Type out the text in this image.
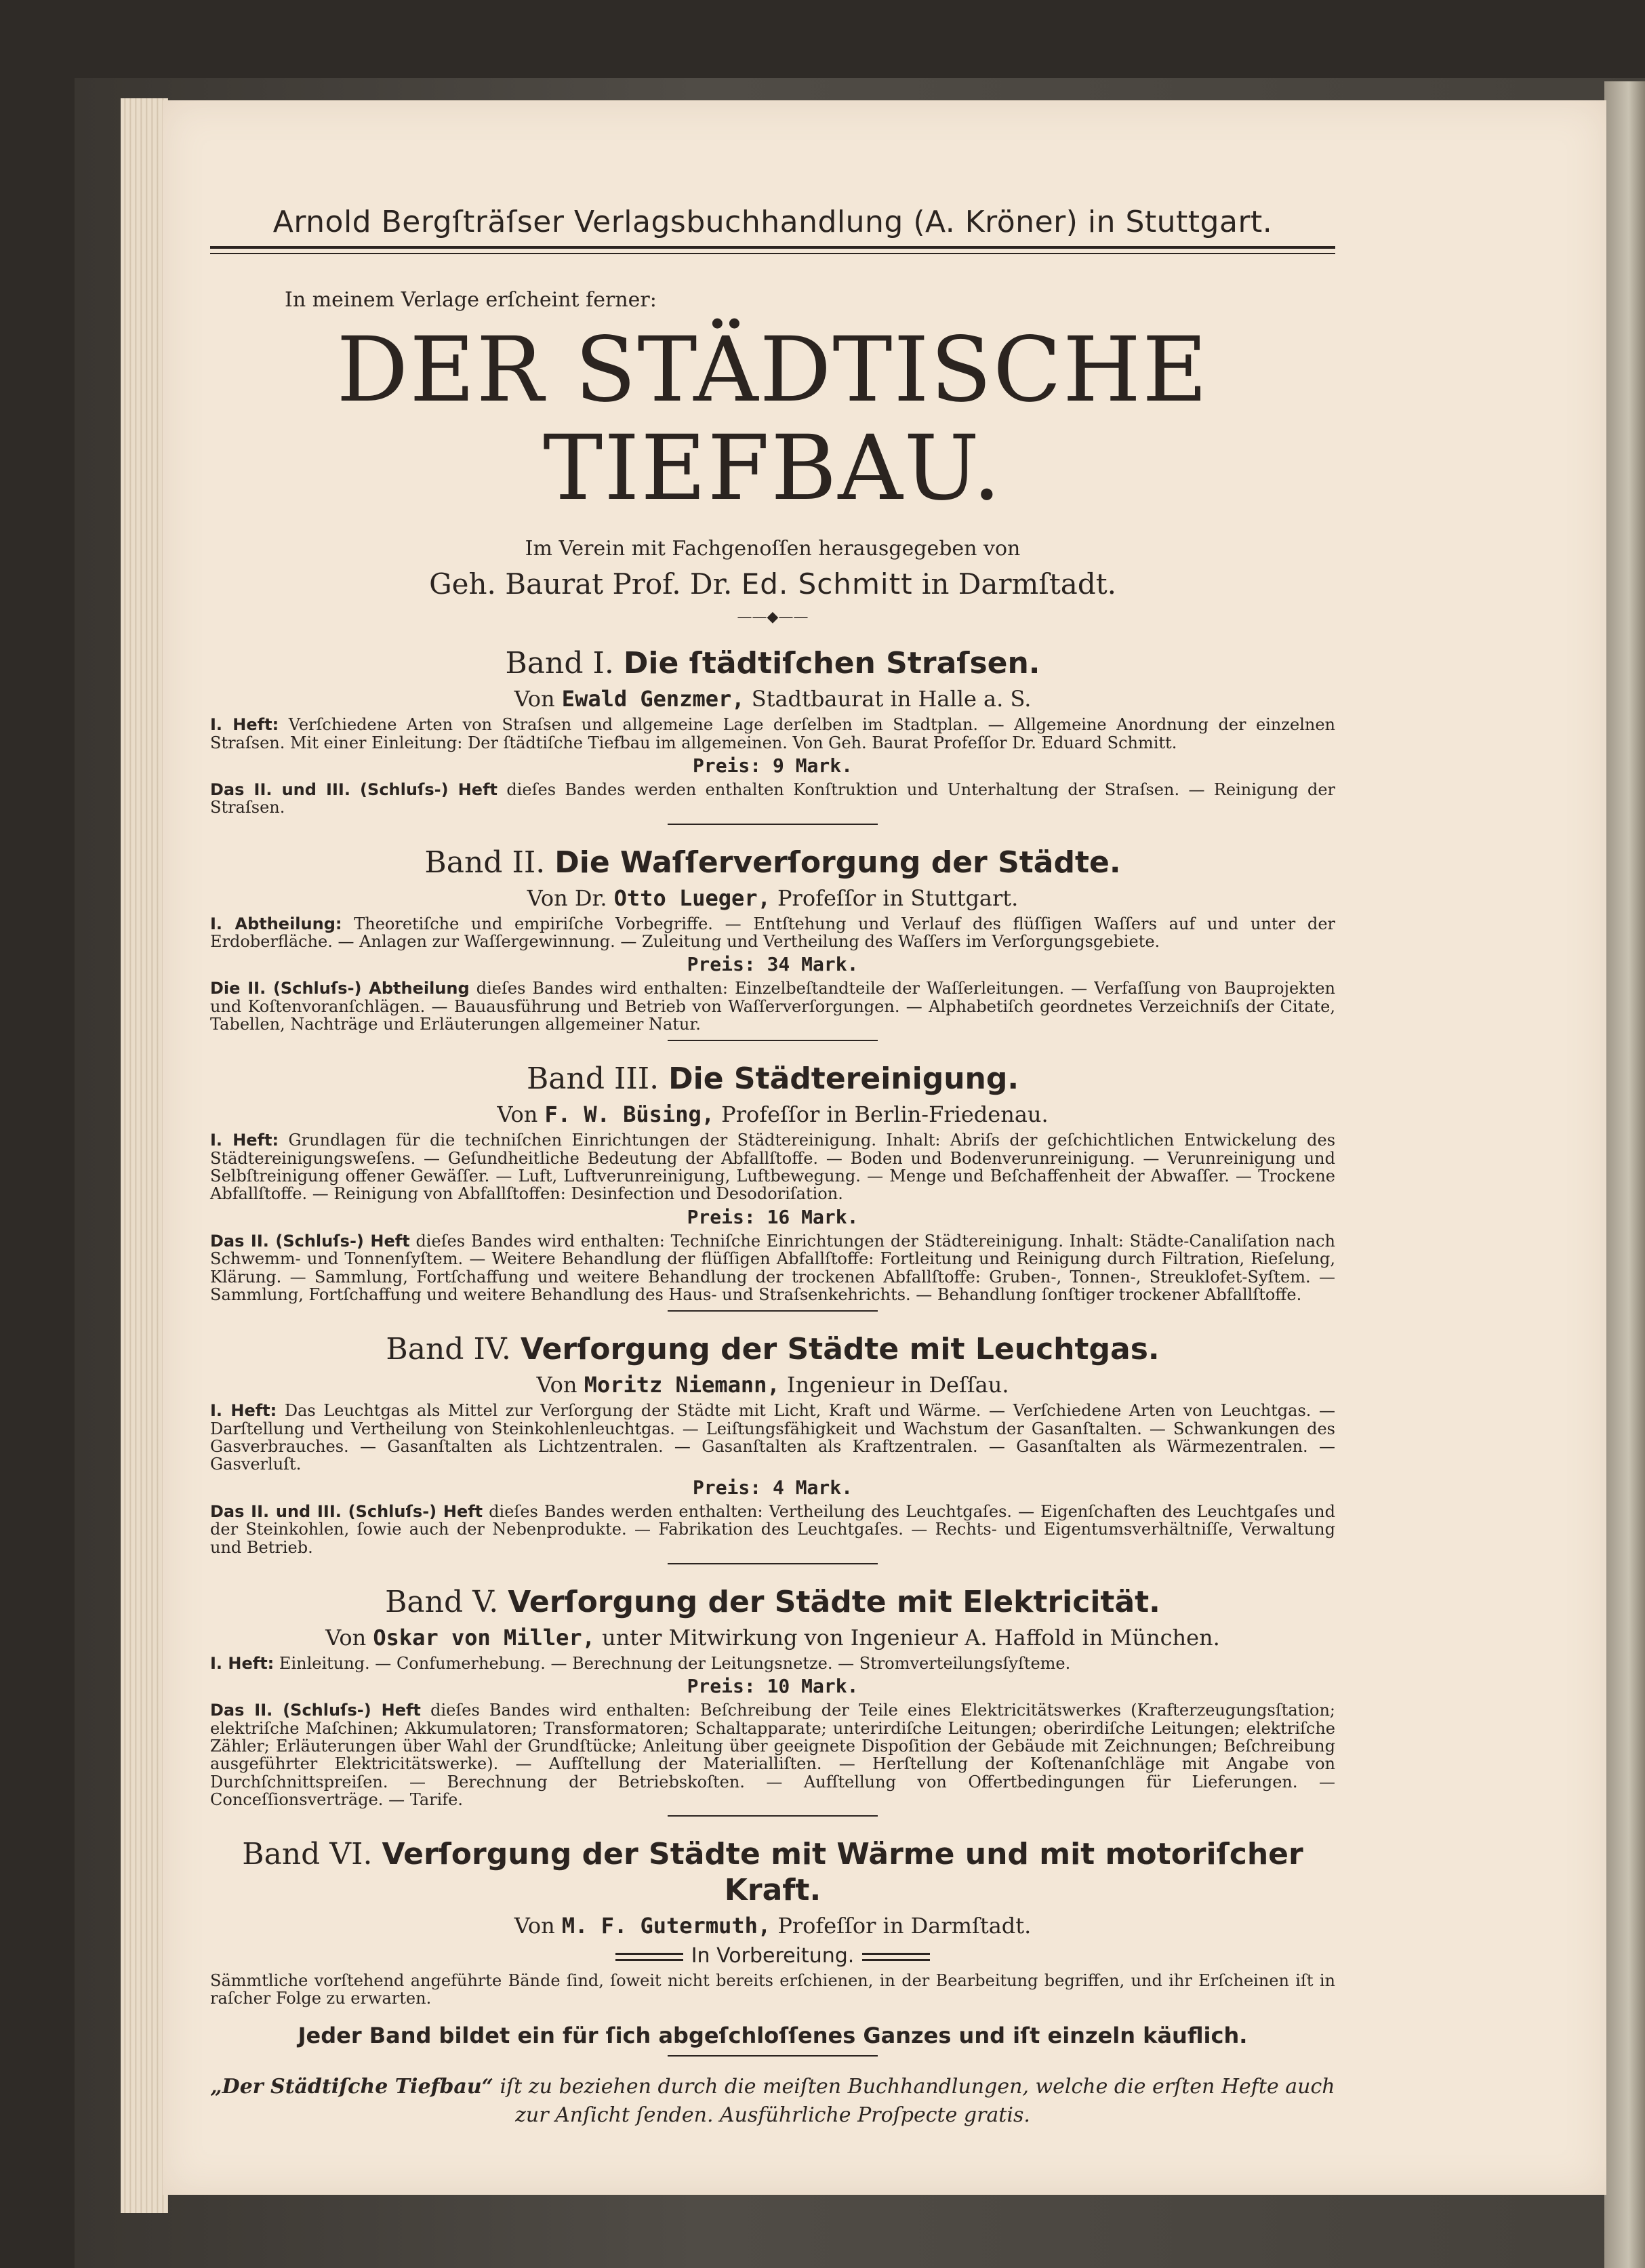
Arnold Bergſträſser Verlagsbuchhandlung (A. Kröner) in Stuttgart.
In meinem Verlage erſcheint ferner:
DER STÄDTISCHE TIEFBAU.
Im Verein mit Fachgenoſſen herausgegeben von
Geh. Baurat Prof. Dr. Ed. Schmitt in Darmſtadt.
——◆——
Band I. Die ſtädtiſchen Straſsen.
Von Ewald Genzmer, Stadtbaurat in Halle a. S.
I. Heft: Verſchiedene Arten von Straſsen und allgemeine Lage derſelben im Stadtplan. — Allgemeine Anordnung der einzelnen Straſsen. Mit einer Einleitung: Der ſtädtiſche Tiefbau im allgemeinen. Von Geh. Baurat Profeſſor Dr. Eduard Schmitt.
Preis: 9 Mark.
Das II. und III. (Schluſs-) Heft dieſes Bandes werden enthalten Konſtruktion und Unterhaltung der Straſsen. — Reinigung der Straſsen.
Band II. Die Waſſerverſorgung der Städte.
Von Dr. Otto Lueger, Profeſſor in Stuttgart.
I. Abtheilung: Theoretiſche und empiriſche Vorbegriffe. — Entſtehung und Verlauf des flüſſigen Waſſers auf und unter der Erdoberfläche. — Anlagen zur Waſſergewinnung. — Zuleitung und Vertheilung des Waſſers im Verſorgungsgebiete.
Preis: 34 Mark.
Die II. (Schluſs-) Abtheilung dieſes Bandes wird enthalten: Einzelbeſtandteile der Waſſerleitungen. — Verfaſſung von Bauprojekten und Koſtenvoranſchlägen. — Bauausführung und Betrieb von Waſſerverſorgungen. — Alphabetiſch geordnetes Verzeichniſs der Citate, Tabellen, Nachträge und Erläuterungen allgemeiner Natur.
Band III. Die Städtereinigung.
Von F. W. Büsing, Profeſſor in Berlin-Friedenau.
I. Heft: Grundlagen für die techniſchen Einrichtungen der Städtereinigung. Inhalt: Abriſs der geſchichtlichen Entwickelung des Städtereinigungsweſens. — Geſundheitliche Bedeutung der Abfallſtoffe. — Boden und Bodenverunreinigung. — Verunreinigung und Selbſtreinigung offener Gewäſſer. — Luft, Luftverunreinigung, Luftbewegung. — Menge und Beſchaffenheit der Abwaſſer. — Trockene Abfallſtoffe. — Reinigung von Abfallſtoffen: Desinfection und Desodoriſation.
Preis: 16 Mark.
Das II. (Schluſs-) Heft dieſes Bandes wird enthalten: Techniſche Einrichtungen der Städtereinigung. Inhalt: Städte-Canaliſation nach Schwemm- und Tonnenſyſtem. — Weitere Behandlung der flüſſigen Abfallſtoffe: Fortleitung und Reinigung durch Filtration, Rieſelung, Klärung. — Sammlung, Fortſchaffung und weitere Behandlung der trockenen Abfallſtoffe: Gruben-, Tonnen-, Streuklofet-Syſtem. — Sammlung, Fortſchaffung und weitere Behandlung des Haus- und Straſsenkehrichts. — Behandlung ſonſtiger trockener Abfallſtoffe.
Band IV. Verſorgung der Städte mit Leuchtgas.
Von Moritz Niemann, Ingenieur in Deſſau.
I. Heft: Das Leuchtgas als Mittel zur Verſorgung der Städte mit Licht, Kraft und Wärme. — Verſchiedene Arten von Leuchtgas. — Darſtellung und Vertheilung von Steinkohlenleuchtgas. — Leiſtungsfähigkeit und Wachstum der Gasanſtalten. — Schwankungen des Gasverbrauches. — Gasanſtalten als Lichtzentralen. — Gasanſtalten als Kraftzentralen. — Gasanſtalten als Wärmezentralen. — Gasverluſt.
Preis: 4 Mark.
Das II. und III. (Schluſs-) Heft dieſes Bandes werden enthalten: Vertheilung des Leuchtgaſes. — Eigenſchaften des Leuchtgaſes und der Steinkohlen, ſowie auch der Nebenprodukte. — Fabrikation des Leuchtgaſes. — Rechts- und Eigentumsverhältniſſe, Verwaltung und Betrieb.
Band V. Verſorgung der Städte mit Elektricität.
Von Oskar von Miller, unter Mitwirkung von Ingenieur A. Haffold in München.
I. Heft: Einleitung. — Confumerhebung. — Berechnung der Leitungsnetze. — Stromverteilungsſyſteme.
Preis: 10 Mark.
Das II. (Schluſs-) Heft dieſes Bandes wird enthalten: Beſchreibung der Teile eines Elektricitätswerkes (Krafterzeugungsſtation; elektriſche Maſchinen; Akkumulatoren; Transformatoren; Schaltapparate; unterirdiſche Leitungen; oberirdiſche Leitungen; elektriſche Zähler; Erläuterungen über Wahl der Grundſtücke; Anleitung über geeignete Dispoſition der Gebäude mit Zeichnungen; Beſchreibung ausgeführter Elektricitätswerke). — Aufſtellung der Materialliſten. — Herſtellung der Koſtenanſchläge mit Angabe von Durchſchnittspreiſen. — Berechnung der Betriebskoſten. — Aufſtellung von Offertbedingungen für Lieferungen. — Conceſſionsverträge. — Tarife.
Band VI. Verſorgung der Städte mit Wärme und mit motoriſcher Kraft.
Von M. F. Gutermuth, Profeſſor in Darmſtadt.
In Vorbereitung.
Sämmtliche vorſtehend angeführte Bände ſind, ſoweit nicht bereits erſchienen, in der Bearbeitung begriffen, und ihr Erſcheinen iſt in raſcher Folge zu erwarten.
Jeder Band bildet ein für ſich abgeſchloſſenes Ganzes und iſt einzeln käuflich.
„Der Städtiſche Tiefbau“ iſt zu beziehen durch die meiſten Buchhandlungen, welche die erſten Hefte auch zur Anſicht ſenden. Ausführliche Proſpecte gratis.
